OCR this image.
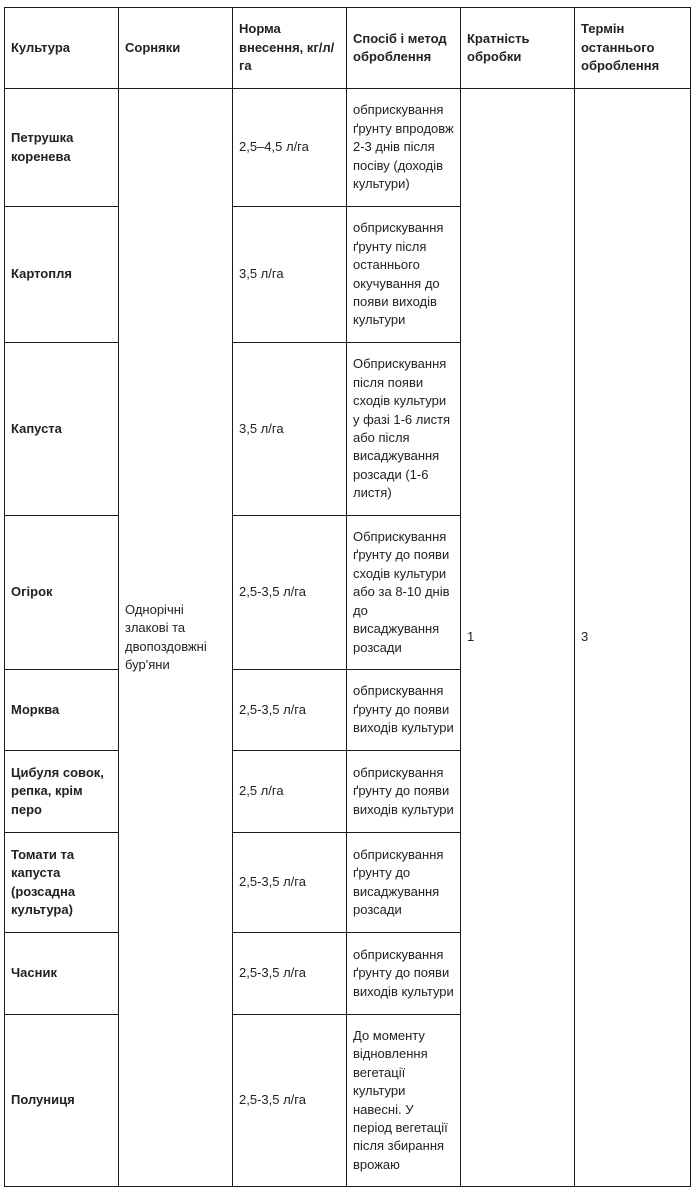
Культура	Сорняки	Норма внесення, кг/л/га	Спосіб і метод оброблення	Кратність обробки	Термін останнього оброблення
Петрушка коренева	Однорічні злакові та двопоздовжні бур'яни	2,5–4,5 л/га	обприскування ґрунту впродовж 2-3 днів після посіву (доходів культури)	1	3
Картопля		3,5 л/га	обприскування ґрунту після останнього окучування до появи виходів культури		
Капуста		3,5 л/га	Обприскування після появи сходів культури у фазі 1-6 листя або після висаджування розсади (1-6 листя)		
Огірок		2,5-3,5 л/га	Обприскування ґрунту до появи сходів культури або за 8-10 днів до висаджування розсади		
Морква		2,5-3,5 л/га	обприскування ґрунту до появи виходів культури		
Цибуля совок, репка, крім перо		2,5 л/га	обприскування ґрунту до появи виходів культури		
Томати та капуста (розсадна культура)		2,5-3,5 л/га	обприскування ґрунту до висаджування розсади		
Часник		2,5-3,5 л/га	обприскування ґрунту до появи виходів культури		
Полуниця		2,5-3,5 л/га	До моменту відновлення вегетації культури навесні. У період вегетації після збирання врожаю		
